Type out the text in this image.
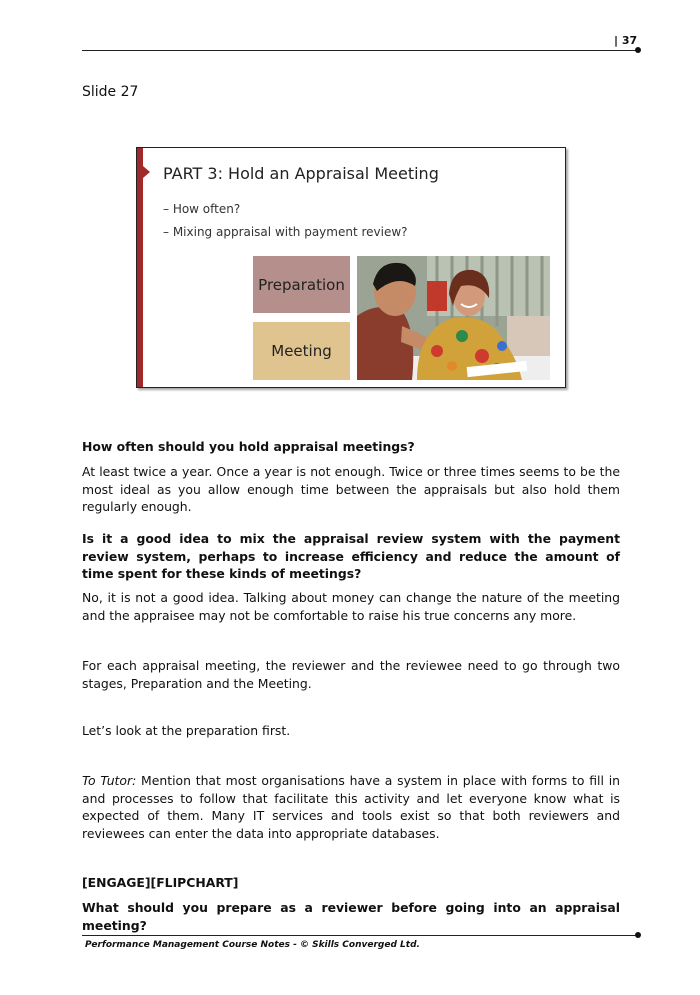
| 37
Slide 27
PART 3: Hold an Appraisal Meeting
– How often?
– Mixing appraisal with payment review?
Preparation
Meeting
How often should you hold appraisal meetings?
At least twice a year. Once a year is not enough. Twice or three times seems to be the most ideal as you allow enough time between the appraisals but also hold them regularly enough.
Is it a good idea to mix the appraisal review system with the payment review system, perhaps to increase efficiency and reduce the amount of time spent for these kinds of meetings?
No, it is not a good idea. Talking about money can change the nature of the meeting and the appraisee may not be comfortable to raise his true concerns any more.
For each appraisal meeting, the reviewer and the reviewee need to go through two stages, Preparation and the Meeting.
Let’s look at the preparation first.
To Tutor: Mention that most organisations have a system in place with forms to fill in and processes to follow that facilitate this activity and let everyone know what is expected of them. Many IT services and tools exist so that both reviewers and reviewees can enter the data into appropriate databases.
[ENGAGE][FLIPCHART]
What should you prepare as a reviewer before going into an appraisal meeting?
Performance Management Course Notes - © Skills Converged Ltd.
